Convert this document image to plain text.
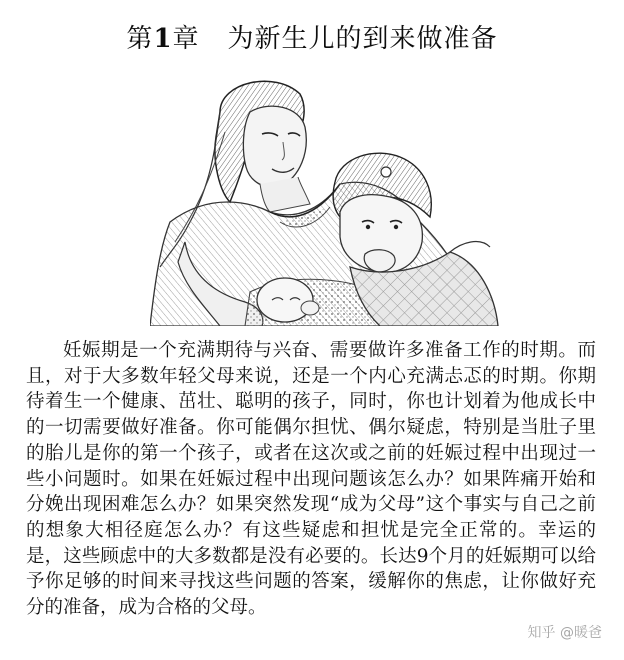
第1章 为新生儿的到来做准备

妊娠期是一个充满期待与兴奋、需要做许多准备工作的时期。而且，对于大多数年轻父母来说，还是一个内心充满忐忑的时期。你期待着生一个健康、茁壮、聪明的孩子，同时，你也计划着为他成长中的一切需要做好准备。你可能偶尔担忧、偶尔疑虑，特别是当肚子里的胎儿是你的第一个孩子，或者在这次或之前的妊娠过程中出现过一些小问题时。如果在妊娠过程中出现问题该怎么办？如果阵痛开始和分娩出现困难怎么办？如果突然发现“成为父母”这个事实与自己之前的想象大相径庭怎么办？有这些疑虑和担忧是完全正常的。幸运的是，这些顾虑中的大多数都是没有必要的。长达9个月的妊娠期可以给予你足够的时间来寻找这些问题的答案，缓解你的焦虑，让你做好充分的准备，成为合格的父母。

知乎 @暖爸
